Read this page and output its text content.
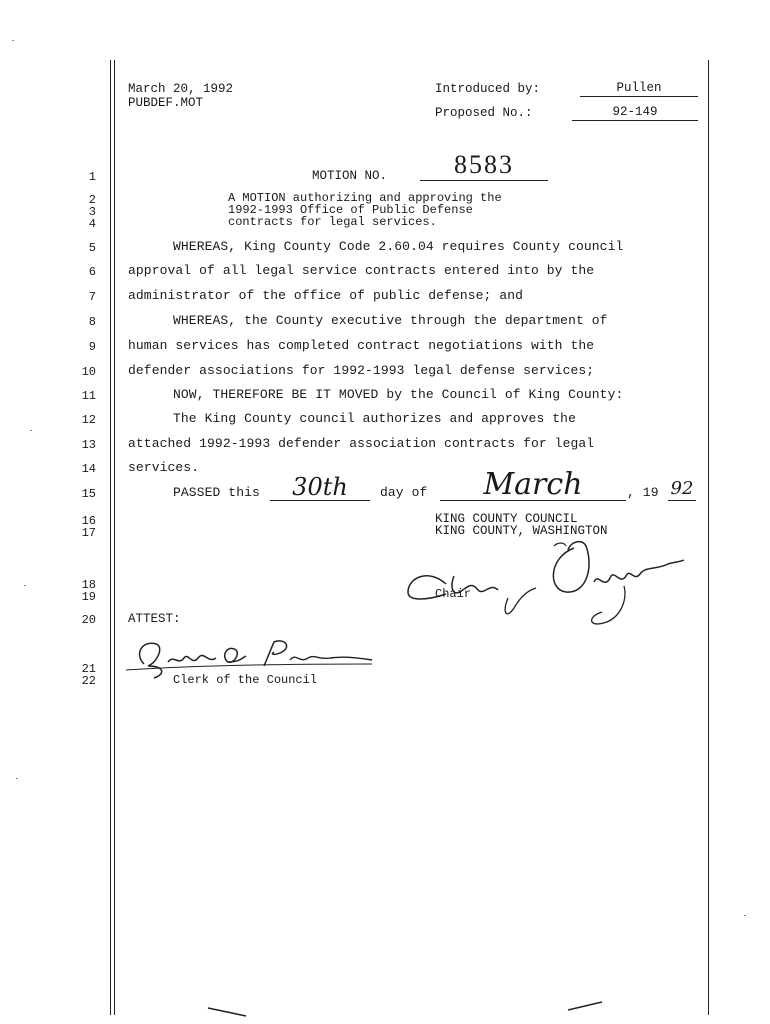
March 20, 1992
PUBDEF.MOT
Introduced by:	Pullen
Proposed No.:	92-149
1
2
3
4
5
6
7
8
9
10
11
12
13
14
15
16
17
18
19
20
21
22
MOTION NO.	8583
A MOTION authorizing and approving the
1992-1993 Office of Public Defense
contracts for legal services.
WHEREAS, King County Code 2.60.04 requires County council
approval of all legal service contracts entered into by the
administrator of the office of public defense; and
WHEREAS, the County executive through the department of
human services has completed contract negotiations with the
defender associations for 1992-1993 legal defense services;
NOW, THEREFORE BE IT MOVED by the Council of King County:
The King County council authorizes and approves the
attached 1992-1993 defender association contracts for legal
services.
PASSED this	30th	day of	March	, 19 92
KING COUNTY COUNCIL
KING COUNTY, WASHINGTON
Chair
ATTEST:
Clerk of the Council
